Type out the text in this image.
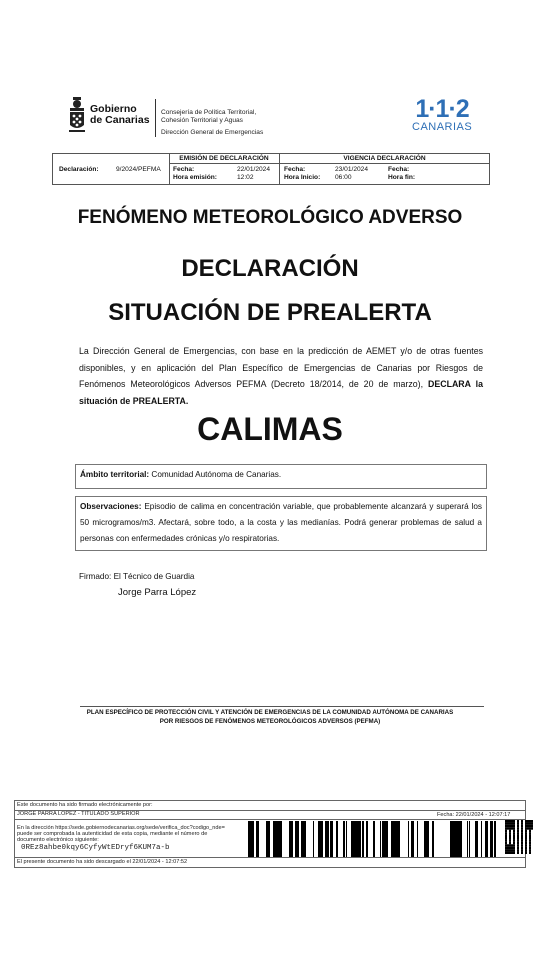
Gobierno
de Canarias
Consejería de Política Territorial,
Cohesión Territorial y Aguas
Dirección General de Emergencias
1·1·2
CANARIAS
Declaración:	9/2024/PEFMA
EMISIÓN DE DECLARACIÓN	VIGENCIA DECLARACIÓN
Fecha:	22/01/2024
Hora emisión:	12:02
Fecha:	23/01/2024
Hora Inicio: 06:00
Fecha:
Hora fin:
FENÓMENO METEOROLÓGICO ADVERSO
DECLARACIÓN
SITUACIÓN DE PREALERTA
La Dirección General de Emergencias, con base en la predicción de AEMET y/o de otras fuentes disponibles, y en aplicación del Plan Específico de Emergencias de Canarias por Riesgos de Fenómenos Meteorológicos Adversos PEFMA (Decreto 18/2014, de 20 de marzo), DECLARA la situación de PREALERTA.
CALIMAS
Ámbito territorial: Comunidad Autónoma de Canarias.
Observaciones: Episodio de calima en concentración variable, que probablemente alcanzará y superará los 50 microgramos/m3. Afectará, sobre todo, a la costa y las medianías. Podrá generar problemas de salud a personas con enfermedades crónicas y/o respiratorias.
Firmado: El Técnico de Guardia
Jorge Parra López
PLAN ESPECÍFICO DE PROTECCIÓN CIVIL Y ATENCIÓN DE EMERGENCIAS DE LA COMUNIDAD AUTÓNOMA DE CANARIAS
POR RIESGOS DE FENÓMENOS METEOROLÓGICOS ADVERSOS (PEFMA)
Este documento ha sido firmado electrónicamente por:
JORGE PARRA LOPEZ - TITULADO SUPERIOR	Fecha: 22/01/2024 - 12:07:17
En la dirección https://sede.gobiernodecanarias.org/sede/verifica_doc?codigo_nde=
puede ser comprobada la autenticidad de esta copia, mediante el número de
documento electrónico siguiente:
0REz8ahbe0kqy6CyfyWtEDryf6KUM7a-b
El presente documento ha sido descargado el 22/01/2024 - 12:07:52
